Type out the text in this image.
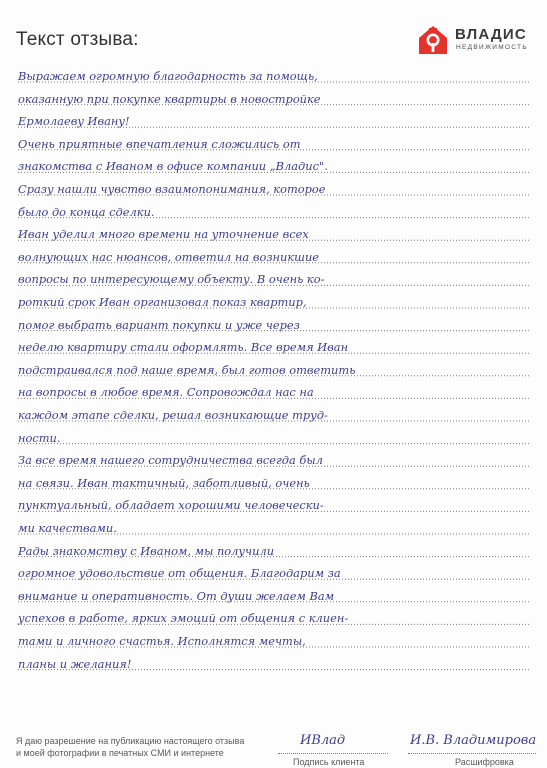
Текст отзыва:	ВЛАДИС
НЕДВИЖИМОСТЬ

Выражаем огромную благодарность за помощь,

оказанную при покупке квартиры в новостройке

Ермолаеву Ивану!

Очень приятные впечатления сложились от

знакомства с Иваном в офисе компании „Владис".

Сразу нашли чувство взаимопонимания, которое

было до конца сделки.

Иван уделил много времени на уточнение всех

волнующих нас нюансов, ответил на возникшие

вопросы по интересующему объекту. В очень ко-

роткий срок Иван организовал показ квартир,

помог выбрать вариант покупки и уже через

неделю квартиру стали оформлять. Все время Иван

подстраивался под наше время, был готов ответить

на вопросы в любое время. Сопровождал нас на

каждом этапе сделки, решал возникающие труд-

ности.

За все время нашего сотрудничества всегда был

на связи. Иван тактичный, заботливый, очень

пунктуальный, обладает хорошими человечески-

ми качествами.

Рады знакомству с Иваном, мы получили

огромное удовольствие от общения. Благодарим за

внимание и оперативность. От души желаем Вам

успехов в работе, ярких эмоций от общения с клиен-

тами и личного счастья. Исполнятся мечты,

планы и желания!

Я даю разрешение на публикацию настоящего отзыва
и моей фотографии в печатных СМИ и интернете
ИВлад
Подпись клиента
И.В. Владимирова
Расшифровка
